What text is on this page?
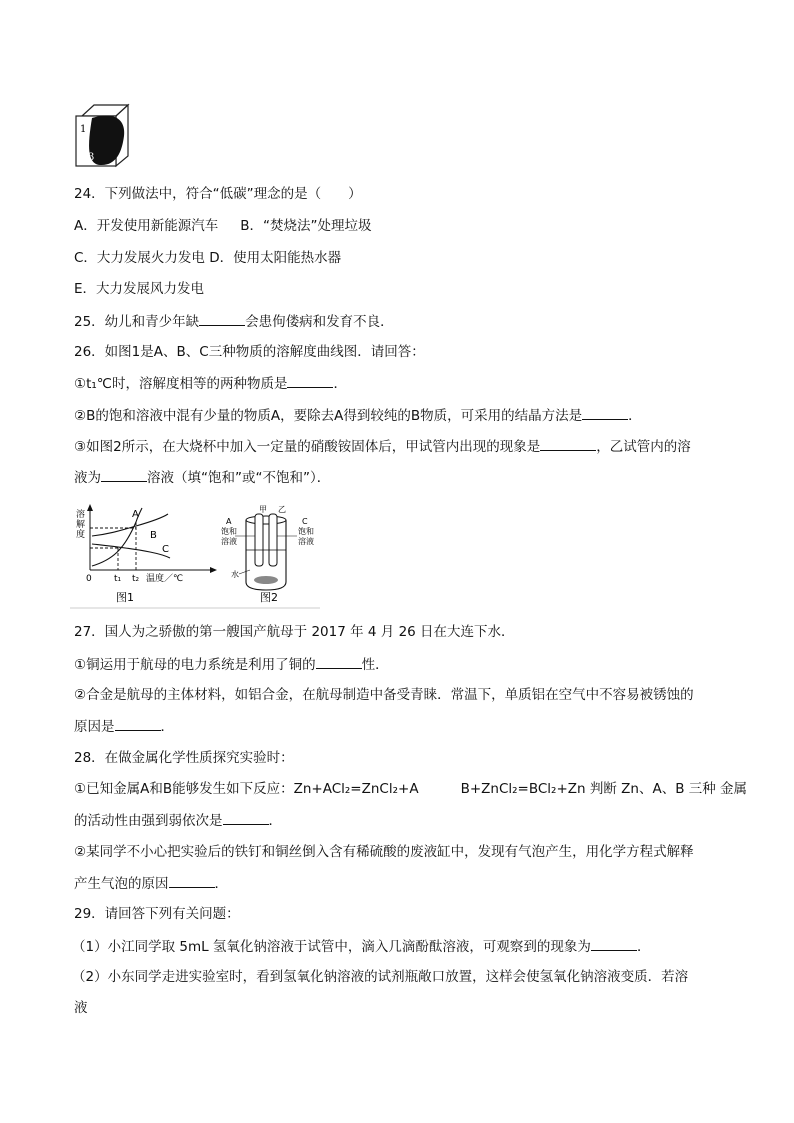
1
3
24．下列做法中，符合“低碳”理念的是（　　）
A．开发使用新能源汽车 B．“焚烧法”处理垃圾
C．大力发展火力发电 D．使用太阳能热水器
E．大力发展风力发电
25．幼儿和青少年缺	会患佝偻病和发育不良．
26．如图1是A、B、C三种物质的溶解度曲线图．请回答：
①t₁℃时，溶解度相等的两种物质是	．
②B的饱和溶液中混有少量的物质A，要除去A得到较纯的B物质，可采用的结晶方法是	．
③如图2所示，在大烧杯中加入一定量的硝酸铵固体后，甲试管内出现的现象是	，乙试管内的溶
液为	溶液（填“饱和”或“不饱和”）．
溶
解
度
A
B
C
0 t₁ t₂ 温度／℃
图1
甲 乙
A
饱和
溶液
C
饱和
溶液
水
图2
27．国人为之骄傲的第一艘国产航母于 2017 年 4 月 26 日在大连下水．
①铜运用于航母的电力系统是利用了铜的	性．
②合金是航母的主体材料，如铝合金，在航母制造中备受青睐．常温下，单质铝在空气中不容易被锈蚀的
原因是	．
28．在做金属化学性质探究实验时：
①已知金属A和B能够发生如下反应：Zn+ACl₂=ZnCl₂+A	B+ZnCl₂=BCl₂+Zn 判断 Zn、A、B 三种 金属
的活动性由强到弱依次是	．
②某同学不小心把实验后的铁钉和铜丝倒入含有稀硫酸的废液缸中，发现有气泡产生，用化学方程式解释
产生气泡的原因	．
29．请回答下列有关问题：
（1）小江同学取 5mL 氢氧化钠溶液于试管中，滴入几滴酚酞溶液，可观察到的现象为	．
（2）小东同学走进实验室时，看到氢氧化钠溶液的试剂瓶敞口放置，这样会使氢氧化钠溶液变质．若溶
液
